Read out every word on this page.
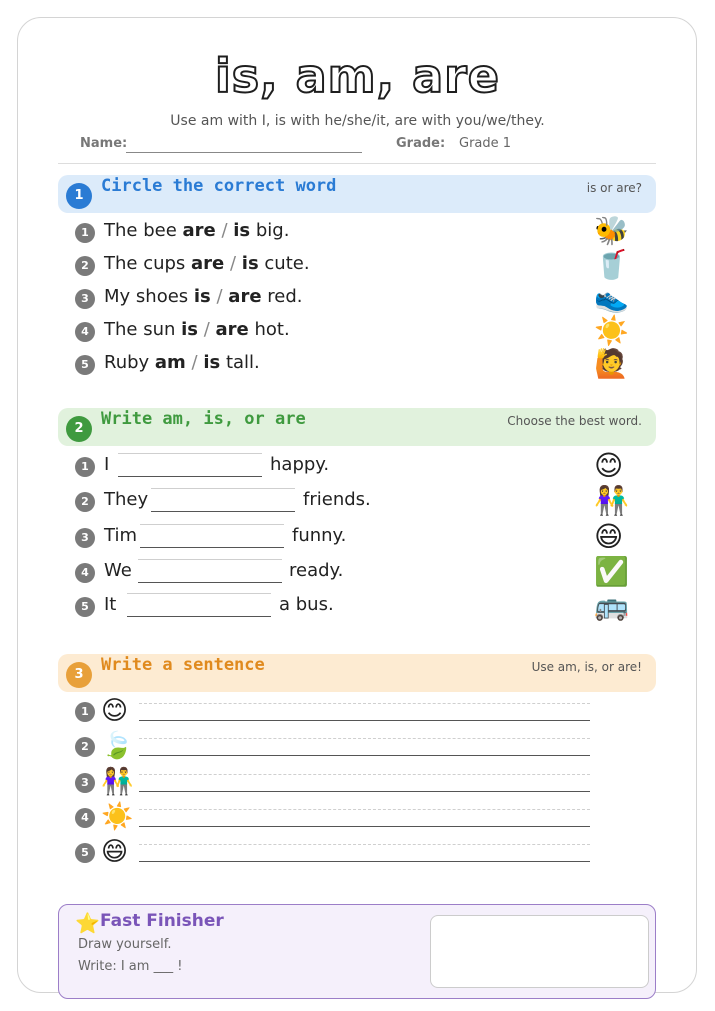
is, am, are
Use am with I, is with he/she/it, are with you/we/they.
Name:	Grade: Grade 1
1	Circle the correct word	is or are?
1 The bee are / is big.	🐝
2 The cups are / is cute.	🥤
3 My shoes is / are red.	👟
4 The sun is / are hot.	☀️
5 Ruby am / is tall.	🙋
2	Write am, is, or are	Choose the best word.
1 I	happy.	😊
2 They	friends.	👫
3 Tim	funny.	😄
4 We	ready.	✅
5 It	a bus.	🚌
3	Write a sentence	Use am, is, or are!
1 😊
2 🍃
3 👫
4 ☀️
5 😄
⭐ Fast Finisher
Draw yourself.
Write: I am ___ !
